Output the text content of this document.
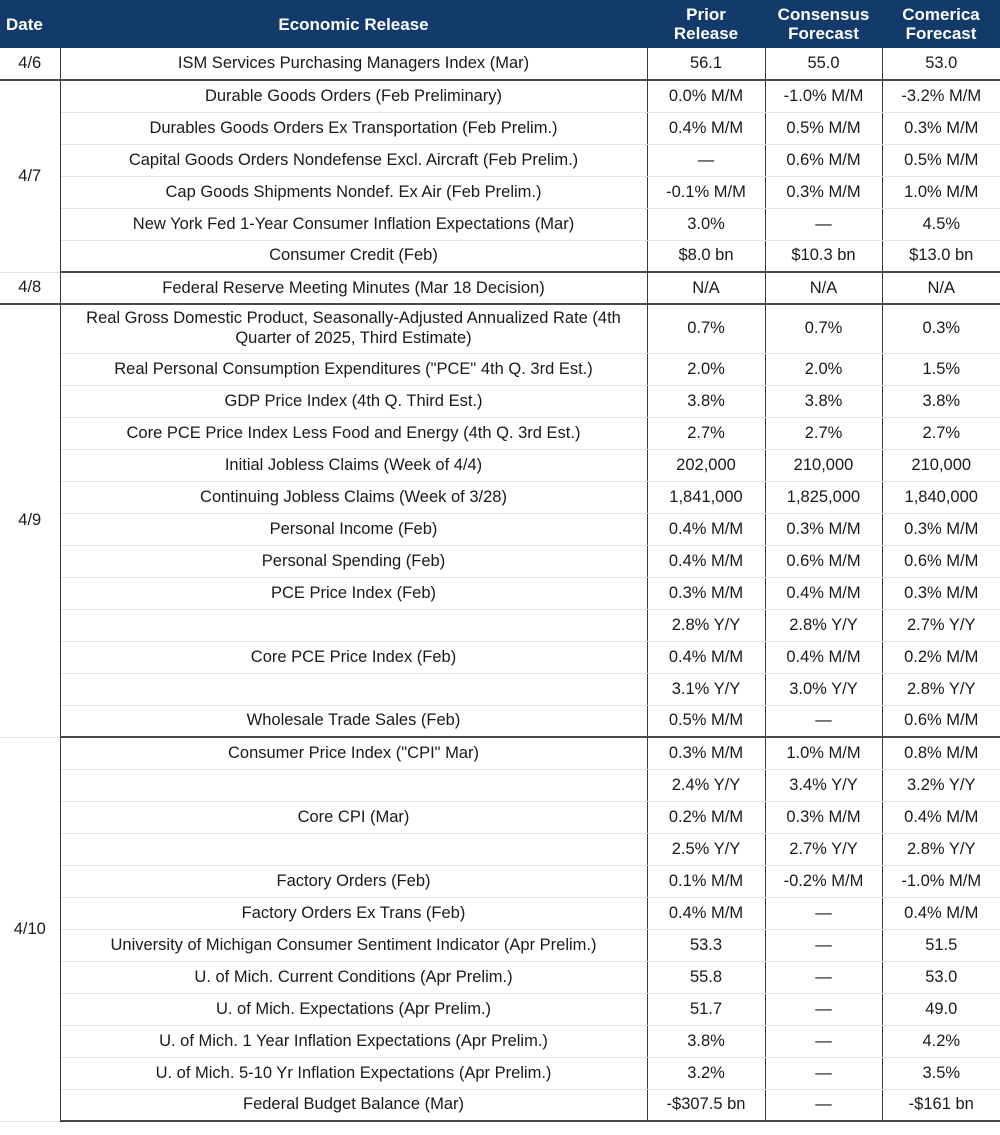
Date	Economic Release	Prior Release	Consensus Forecast	Comerica Forecast
4/6	ISM Services Purchasing Managers Index (Mar)	56.1	55.0	53.0
4/7	Durable Goods Orders (Feb Preliminary)	0.0% M/M	-1.0% M/M	-3.2% M/M
	Durables Goods Orders Ex Transportation (Feb Prelim.)	0.4% M/M	0.5% M/M	0.3% M/M
	Capital Goods Orders Nondefense Excl. Aircraft (Feb Prelim.)	—	0.6% M/M	0.5% M/M
	Cap Goods Shipments Nondef. Ex Air (Feb Prelim.)	-0.1% M/M	0.3% M/M	1.0% M/M
	New York Fed 1-Year Consumer Inflation Expectations (Mar)	3.0%	—	4.5%
	Consumer Credit (Feb)	$8.0 bn	$10.3 bn	$13.0 bn
4/8	Federal Reserve Meeting Minutes (Mar 18 Decision)	N/A	N/A	N/A
4/9	Real Gross Domestic Product, Seasonally-Adjusted Annualized Rate (4th Quarter of 2025, Third Estimate)	0.7%	0.7%	0.3%
	Real Personal Consumption Expenditures ("PCE" 4th Q. 3rd Est.)	2.0%	2.0%	1.5%
	GDP Price Index (4th Q. Third Est.)	3.8%	3.8%	3.8%
	Core PCE Price Index Less Food and Energy (4th Q. 3rd Est.)	2.7%	2.7%	2.7%
	Initial Jobless Claims (Week of 4/4)	202,000	210,000	210,000
	Continuing Jobless Claims (Week of 3/28)	1,841,000	1,825,000	1,840,000
	Personal Income (Feb)	0.4% M/M	0.3% M/M	0.3% M/M
	Personal Spending (Feb)	0.4% M/M	0.6% M/M	0.6% M/M
	PCE Price Index (Feb)	0.3% M/M	0.4% M/M	0.3% M/M
		2.8% Y/Y	2.8% Y/Y	2.7% Y/Y
	Core PCE Price Index (Feb)	0.4% M/M	0.4% M/M	0.2% M/M
		3.1% Y/Y	3.0% Y/Y	2.8% Y/Y
	Wholesale Trade Sales (Feb)	0.5% M/M	—	0.6% M/M
4/10	Consumer Price Index ("CPI" Mar)	0.3% M/M	1.0% M/M	0.8% M/M
		2.4% Y/Y	3.4% Y/Y	3.2% Y/Y
	Core CPI (Mar)	0.2% M/M	0.3% M/M	0.4% M/M
		2.5% Y/Y	2.7% Y/Y	2.8% Y/Y
	Factory Orders (Feb)	0.1% M/M	-0.2% M/M	-1.0% M/M
	Factory Orders Ex Trans (Feb)	0.4% M/M	—	0.4% M/M
	University of Michigan Consumer Sentiment Indicator (Apr Prelim.)	53.3	—	51.5
	U. of Mich. Current Conditions (Apr Prelim.)	55.8	—	53.0
	U. of Mich. Expectations (Apr Prelim.)	51.7	—	49.0
	U. of Mich. 1 Year Inflation Expectations (Apr Prelim.)	3.8%	—	4.2%
	U. of Mich. 5-10 Yr Inflation Expectations (Apr Prelim.)	3.2%	—	3.5%
	Federal Budget Balance (Mar)	-$307.5 bn	—	-$161 bn
